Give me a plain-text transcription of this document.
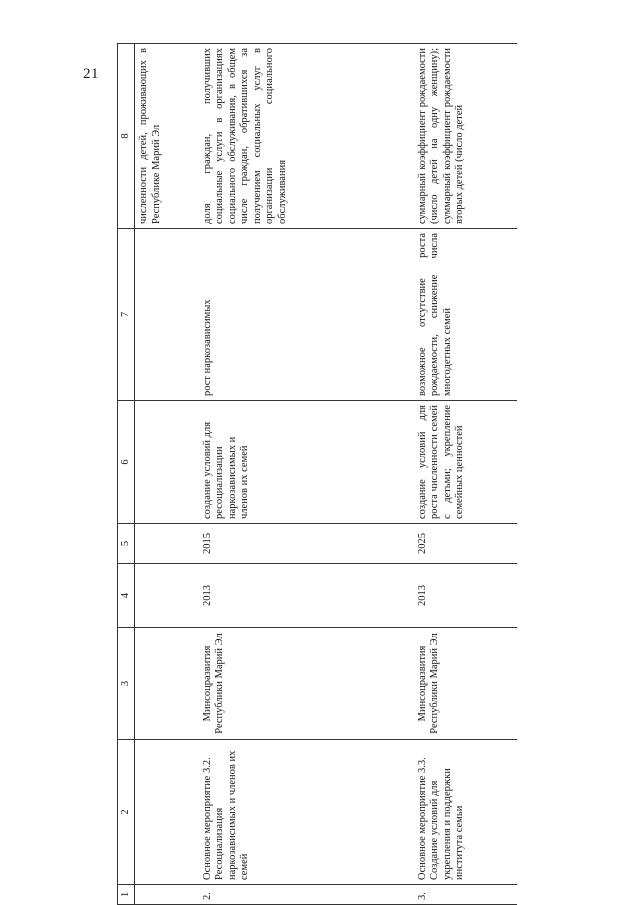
21
1	2	3	4	5	6	7	8
							численности детей, проживающих в Республике Марий Эл
2.	Основное мероприятие 3.2. Ресоциализация наркозависимых и членов их семей	Минсоцразвития Республики Марий Эл	2013	2015	создание условий для ресоциализации наркозависимых и членов их семей	рост наркозависимых	доля граждан, получивших социальные услуги в организациях социального обслуживания, в общем числе граждан, обратившихся за получением социальных услуг в организации социального обслуживания
3.	Основное мероприятие 3.3. Создание условий для укрепления и поддержки института семьи	Минсоцразвития Республики Марий Эл	2013	2025	создание условий для роста численности семей с детьми; укрепление семейных ценностей	возможное отсутствие роста рождаемости, снижение числа многодетных семей	суммарный коэффициент рождаемости (число детей на одну женщину); суммарный коэффициент рождаемости вторых детей (число детей
